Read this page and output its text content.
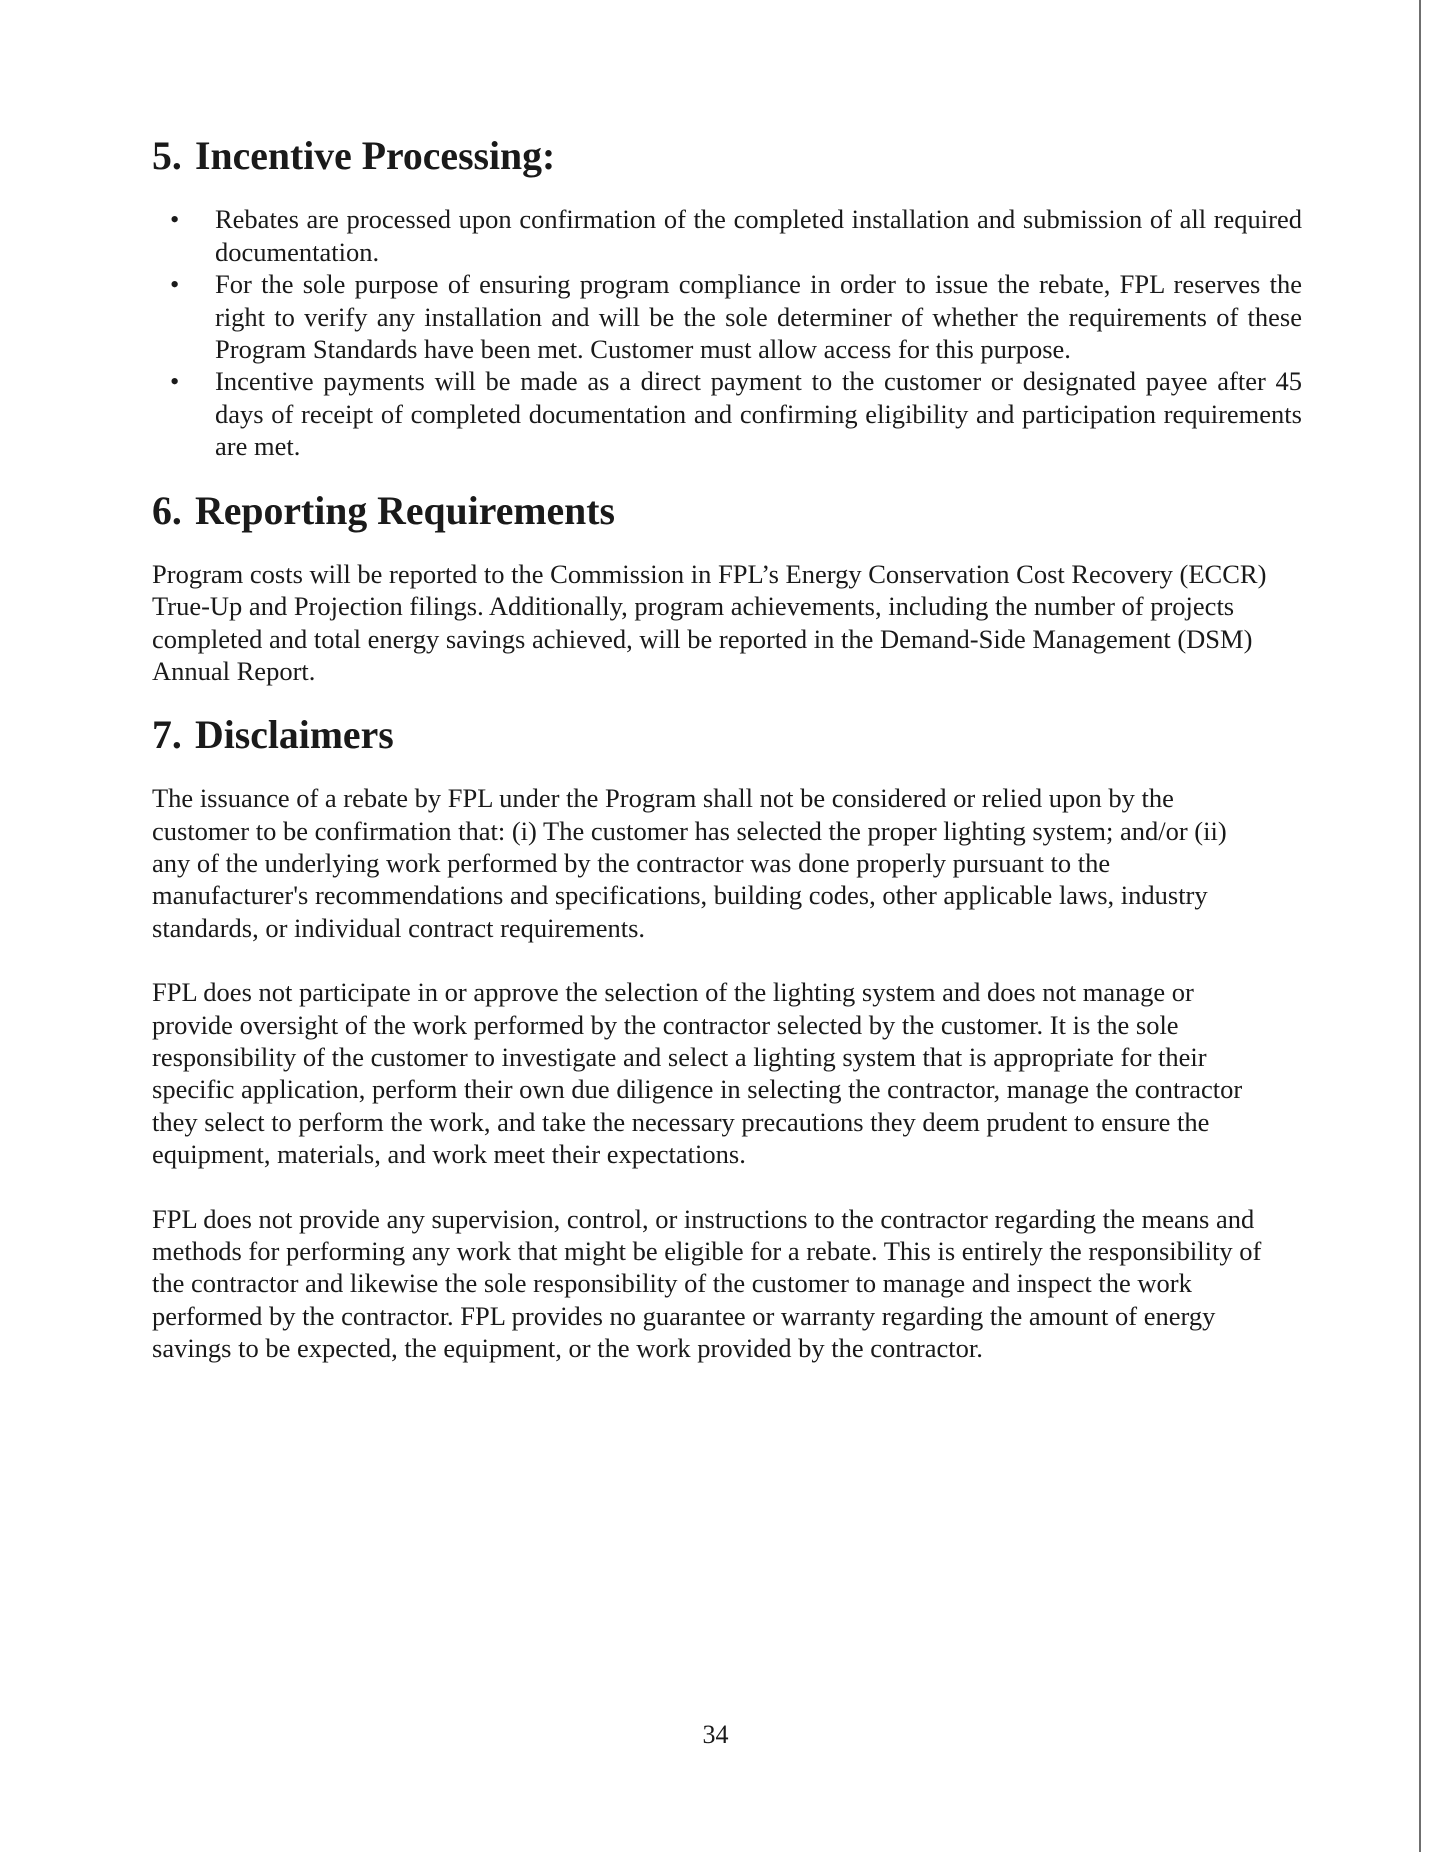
5. Incentive Processing:
• Rebates are processed upon confirmation of the completed installation and submission of all required documentation.
• For the sole purpose of ensuring program compliance in order to issue the rebate, FPL reserves the right to verify any installation and will be the sole determiner of whether the requirements of these Program Standards have been met. Customer must allow access for this purpose.
• Incentive payments will be made as a direct payment to the customer or designated payee after 45 days of receipt of completed documentation and confirming eligibility and participation requirements are met.
6. Reporting Requirements

Program costs will be reported to the Commission in FPL’s Energy Conservation Cost Recovery (ECCR) True-Up and Projection filings. Additionally, program achievements, including the number of projects completed and total energy savings achieved, will be reported in the Demand-Side Management (DSM) Annual Report.

7. Disclaimers

The issuance of a rebate by FPL under the Program shall not be considered or relied upon by the customer to be confirmation that: (i) The customer has selected the proper lighting system; and/or (ii) any of the underlying work performed by the contractor was done properly pursuant to the manufacturer's recommendations and specifications, building codes, other applicable laws, industry standards, or individual contract requirements.

FPL does not participate in or approve the selection of the lighting system and does not manage or provide oversight of the work performed by the contractor selected by the customer. It is the sole responsibility of the customer to investigate and select a lighting system that is appropriate for their specific application, perform their own due diligence in selecting the contractor, manage the contractor they select to perform the work, and take the necessary precautions they deem prudent to ensure the equipment, materials, and work meet their expectations.

FPL does not provide any supervision, control, or instructions to the contractor regarding the means and methods for performing any work that might be eligible for a rebate. This is entirely the responsibility of the contractor and likewise the sole responsibility of the customer to manage and inspect the work performed by the contractor. FPL provides no guarantee or warranty regarding the amount of energy savings to be expected, the equipment, or the work provided by the contractor.

34
